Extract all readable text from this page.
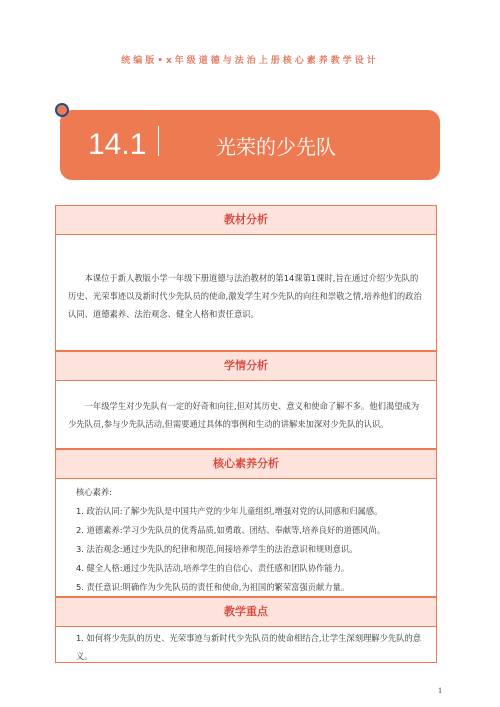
统编版•x年级道德与法治上册核心素养教学设计
14.1	光荣的少先队
教材分析

本课位于新人教版小学一年级下册道德与法治教材的第14课第1课时,旨在通过介绍少先队的历史、光荣事迹以及新时代少先队员的使命,激发学生对少先队的向往和崇敬之情,培养他们的政治认同、道德素养、法治观念、健全人格和责任意识。

学情分析

一年级学生对少先队有一定的好奇和向往,但对其历史、意义和使命了解不多。他们渴望成为少先队员,参与少先队活动,但需要通过具体的事例和生动的讲解来加深对少先队的认识。

核心素养分析
核心素养:

1. 政治认同:了解少先队是中国共产党的少年儿童组织,增强对党的认同感和归属感。

2. 道德素养:学习少先队员的优秀品质,如勇敢、团结、奉献等,培养良好的道德风尚。

3. 法治观念:通过少先队的纪律和规范,间接培养学生的法治意识和规则意识。

4. 健全人格:通过少先队活动,培养学生的自信心、责任感和团队协作能力。

5. 责任意识:明确作为少先队员的责任和使命,为祖国的繁荣富强贡献力量。

教学重点

1. 如何将少先队的历史、光荣事迹与新时代少先队员的使命相结合,让学生深刻理解少先队的意义。

1
